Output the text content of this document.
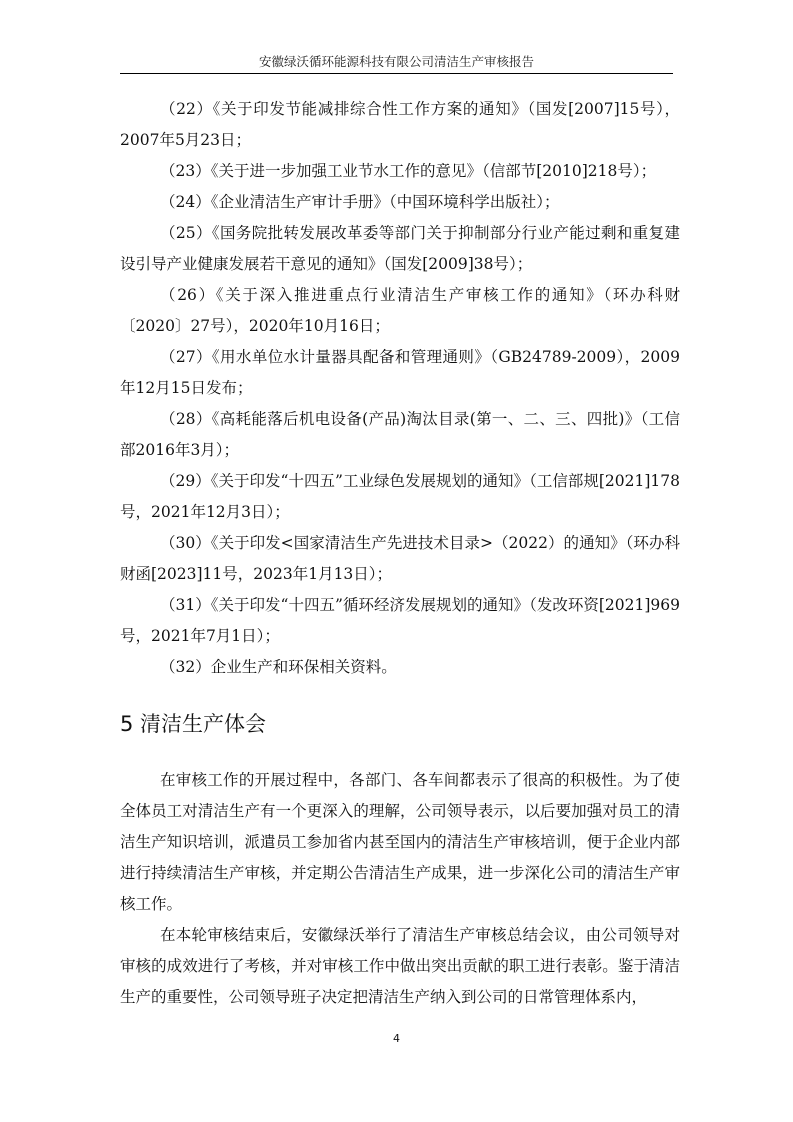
安徽绿沃循环能源科技有限公司清洁生产审核报告

（22）《关于印发节能减排综合性工作方案的通知》（国发[2007]15号），2007年5月23日；

（23）《关于进一步加强工业节水工作的意见》（信部节[2010]218号）；

（24）《企业清洁生产审计手册》（中国环境科学出版社）；

（25）《国务院批转发展改革委等部门关于抑制部分行业产能过剩和重复建设引导产业健康发展若干意见的通知》（国发[2009]38号）；

（26）《关于深入推进重点行业清洁生产审核工作的通知》（环办科财〔2020〕27号），2020年10月16日；

（27）《用水单位水计量器具配备和管理通则》（GB24789-2009），2009年12月15日发布；

（28）《高耗能落后机电设备(产品)淘汰目录(第一、二、三、四批)》（工信部2016年3月）；

（29）《关于印发“十四五”工业绿色发展规划的通知》（工信部规[2021]178号，2021年12月3日）；

（30）《关于印发<国家清洁生产先进技术目录>（2022）的通知》（环办科财函[2023]11号，2023年1月13日）；

（31）《关于印发“十四五”循环经济发展规划的通知》（发改环资[2021]969号，2021年7月1日）；

（32）企业生产和环保相关资料。

5 清洁生产体会

在审核工作的开展过程中，各部门、各车间都表示了很高的积极性。为了使全体员工对清洁生产有一个更深入的理解，公司领导表示，以后要加强对员工的清洁生产知识培训，派遣员工参加省内甚至国内的清洁生产审核培训，便于企业内部进行持续清洁生产审核，并定期公告清洁生产成果，进一步深化公司的清洁生产审核工作。

在本轮审核结束后，安徽绿沃举行了清洁生产审核总结会议，由公司领导对审核的成效进行了考核，并对审核工作中做出突出贡献的职工进行表彰。鉴于清洁生产的重要性，公司领导班子决定把清洁生产纳入到公司的日常管理体系内，

4
